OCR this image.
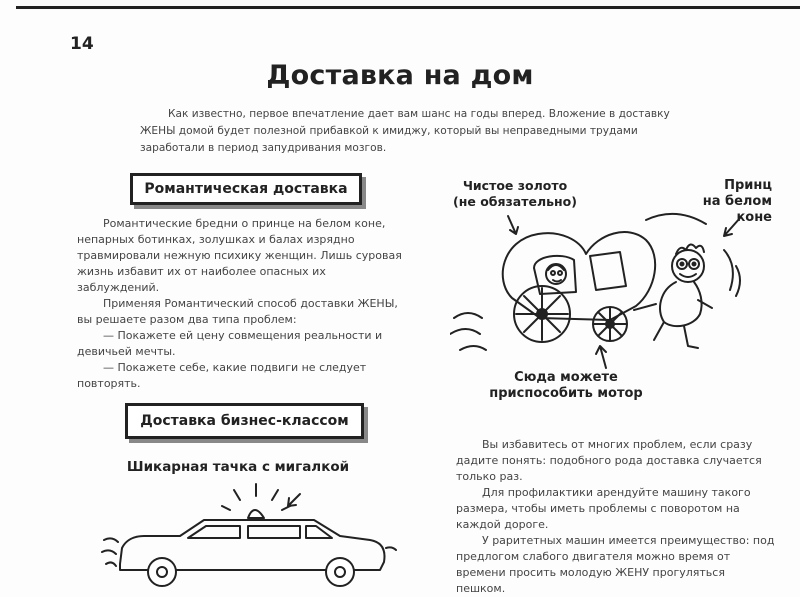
14
Доставка на дом

Как известно, первое впечатление дает вам шанс на годы вперед. Вложение в доставку ЖЕНЫ домой будет полезной прибавкой к имиджу, который вы неправедными трудами заработали в период запудривания мозгов.

Романтическая доставка

Романтические бредни о принце на белом коне, непарных ботинках, золушках и балах изрядно травмировали нежную психику женщин. Лишь суровая жизнь избавит их от наиболее опасных их заблуждений.

Применяя Романтический способ доставки ЖЕНЫ, вы решаете разом два типа проблем:

— Покажете ей цену совмещения реальности и девичьей мечты.

— Покажете себе, какие подвиги не следует повторять.

Чистое золото
(не обязательно)
Принц
на белом
коне
Сюда можете
приспособить мотор
Доставка бизнес-классом
Шикарная тачка с мигалкой

Вы избавитесь от многих проблем, если сразу дадите понять: подобного рода доставка случается только раз.

Для профилактики арендуйте машину такого размера, чтобы иметь проблемы с поворотом на каждой дороге.

У раритетных машин имеется преимущество: под предлогом слабого двигателя можно время от времени просить молодую ЖЕНУ прогуляться пешком.
